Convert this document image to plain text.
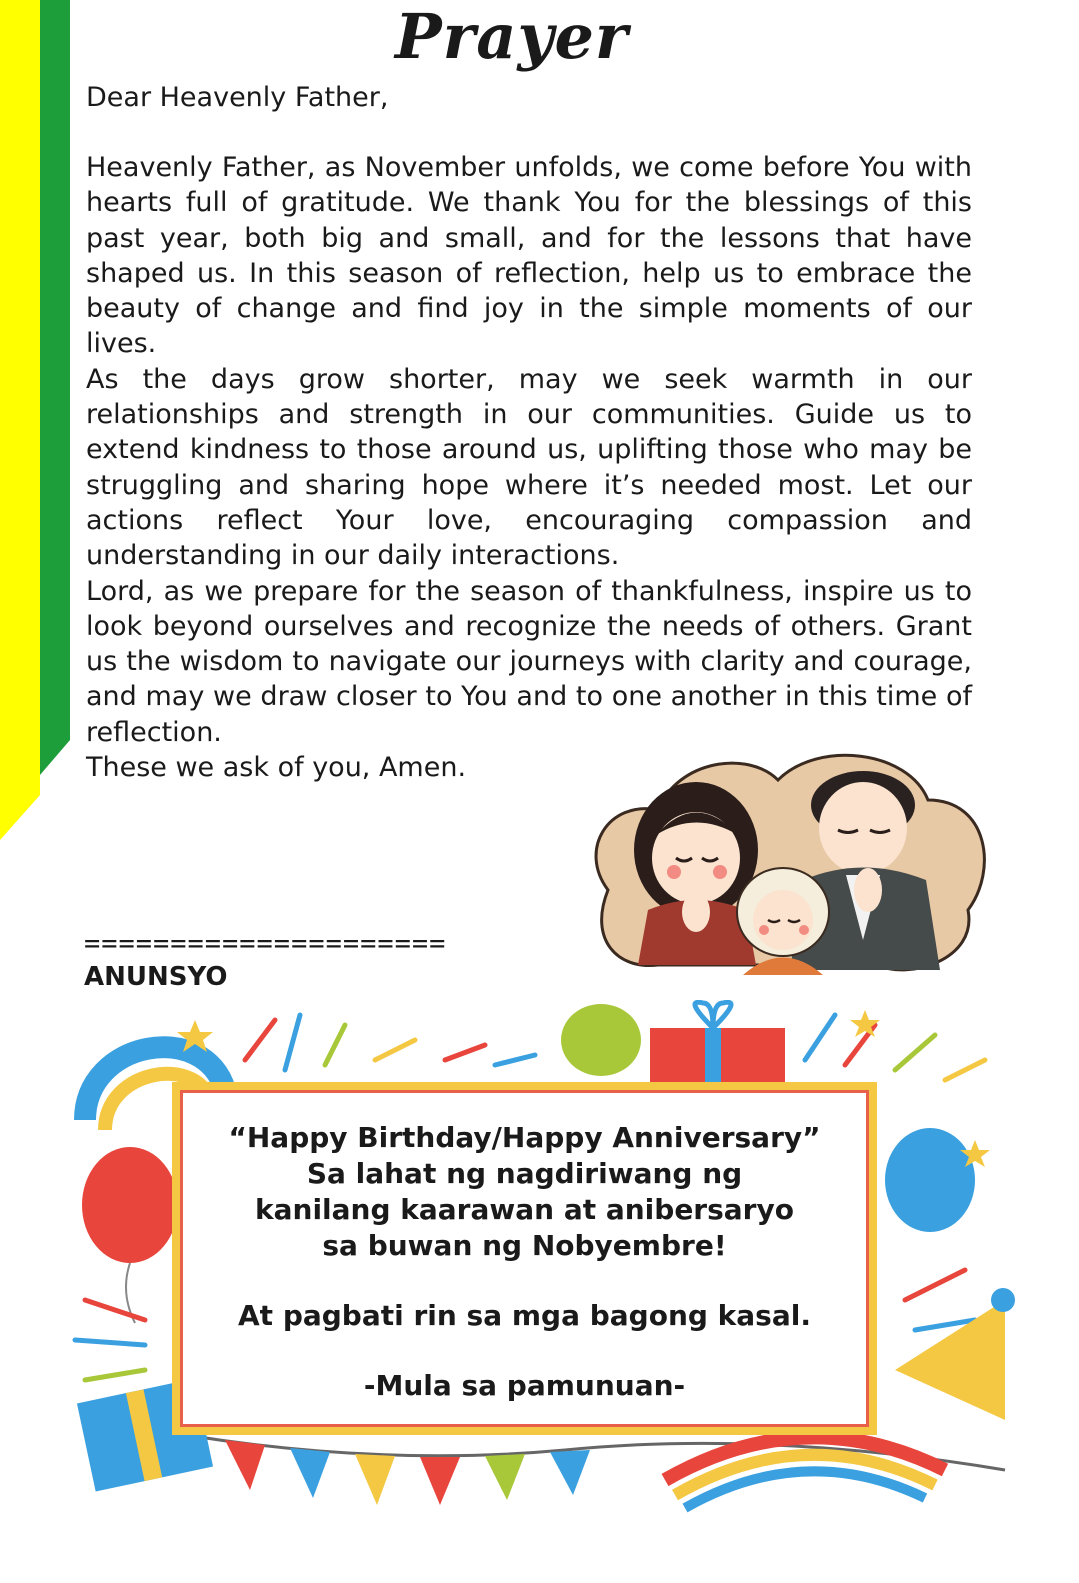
Prayer
Dear Heavenly Father,

Heavenly Father, as November unfolds, we come before You with hearts full of gratitude. We thank You for the blessings of this past year, both big and small, and for the lessons that have shaped us. In this season of reflection, help us to embrace the beauty of change and find joy in the simple moments of our lives.

As the days grow shorter, may we seek warmth in our relationships and strength in our communities. Guide us to extend kindness to those around us, uplifting those who may be struggling and sharing hope where it’s needed most. Let our actions reflect Your love, encouraging compassion and understanding in our daily interactions.

Lord, as we prepare for the season of thankfulness, inspire us to look beyond ourselves and recognize the needs of others. Grant us the wisdom to navigate our journeys with clarity and courage, and may we draw closer to You and to one another in this time of reflection.

These we ask of you, Amen.

=====================
ANUNSYO
“Happy Birthday/Happy Anniversary”
Sa lahat ng nagdiriwang ng
kanilang kaarawan at anibersaryo
sa buwan ng Nobyembre!
At pagbati rin sa mga bagong kasal.
-Mula sa pamunuan-
